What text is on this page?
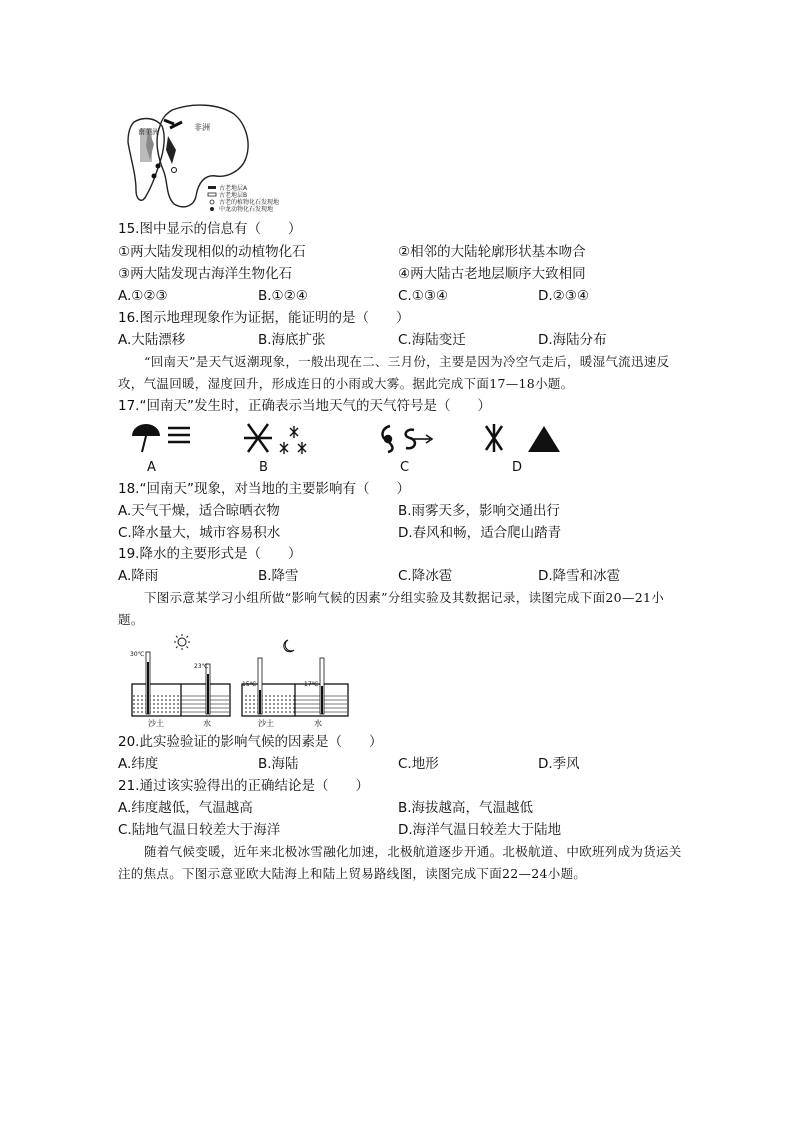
南美洲	非洲
古老地层A
古老地层B
古老的植物化石发现地
中龙动物化石发现地
15.图中显示的信息有（　　）
①两大陆发现相似的动植物化石	②相邻的大陆轮廓形状基本吻合
③两大陆发现古海洋生物化石	④两大陆古老地层顺序大致相同
A.①②③	B.①②④	C.①③④	D.②③④
16.图示地理现象作为证据，能证明的是（　　）
A.大陆漂移	B.海底扩张	C.海陆变迁	D.海陆分布
“回南天”是天气返潮现象，一般出现在二、三月份，主要是因为冷空气走后，暖湿气流迅速反攻，气温回暖，湿度回升，形成连日的小雨或大雾。据此完成下面17—18小题。
17.“回南天”发生时，正确表示当地天气的天气符号是（　　）
A	B	C	D
18.“回南天”现象，对当地的主要影响有（　　）
A.天气干燥，适合晾晒衣物	B.雨雾天多，影响交通出行
C.降水量大，城市容易积水	D.春风和畅，适合爬山踏青
19.降水的主要形式是（　　）
A.降雨	B.降雪	C.降冰雹	D.降雪和冰雹
下图示意某学习小组所做“影响气候的因素”分组实验及其数据记录，读图完成下面20—21小题。
30℃
23℃
沙土	水
15℃	17℃
沙土	水
20.此实验验证的影响气候的因素是（　　）
A.纬度	B.海陆	C.地形	D.季风
21.通过该实验得出的正确结论是（　　）
A.纬度越低，气温越高	B.海拔越高，气温越低
C.陆地气温日较差大于海洋	D.海洋气温日较差大于陆地
随着气候变暖，近年来北极冰雪融化加速，北极航道逐步开通。北极航道、中欧班列成为货运关注的焦点。下图示意亚欧大陆海上和陆上贸易路线图，读图完成下面22—24小题。
